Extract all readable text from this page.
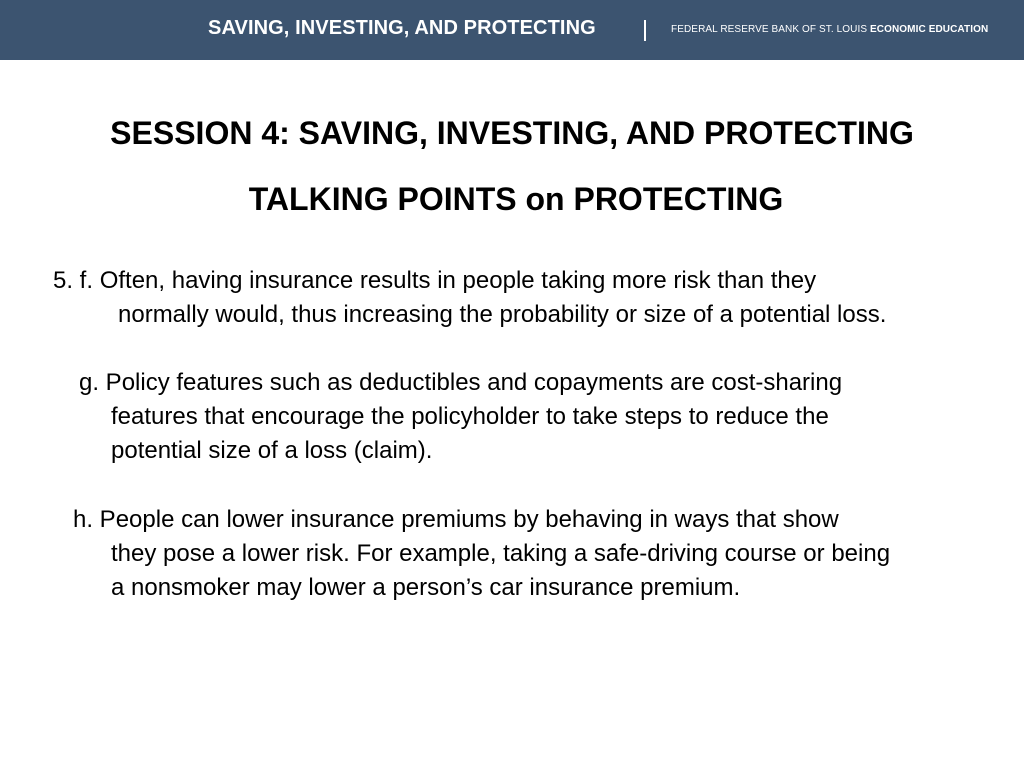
SAVING, INVESTING, AND PROTECTING	FEDERAL RESERVE BANK OF ST. LOUIS ECONOMIC EDUCATION
SESSION 4: SAVING, INVESTING, AND PROTECTING
TALKING POINTS on PROTECTING
5. f. Often, having insurance results in people taking more risk than they
normally would, thus increasing the probability or size of a potential loss.
g. Policy features such as deductibles and copayments are cost-sharing
features that encourage the policyholder to take steps to reduce the
potential size of a loss (claim).
h. People can lower insurance premiums by behaving in ways that show
they pose a lower risk. For example, taking a safe-driving course or being
a nonsmoker may lower a person’s car insurance premium.
